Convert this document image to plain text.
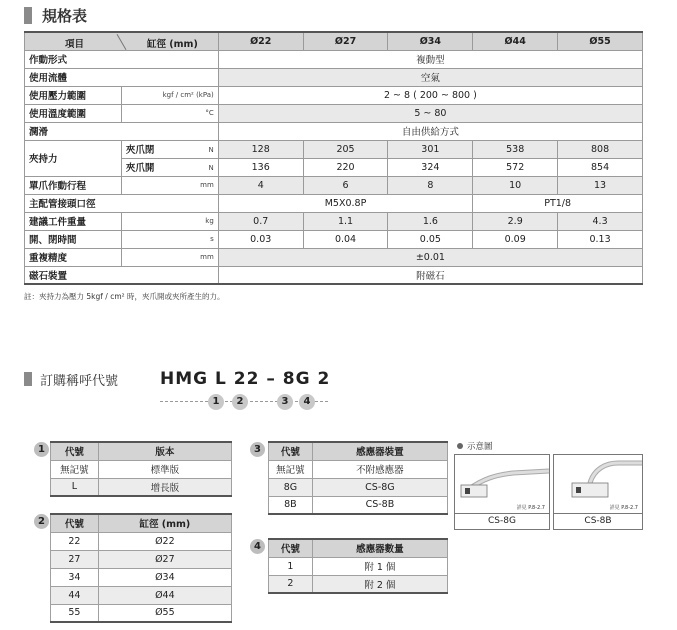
規格表
項目 缸徑 (mm)		Ø22	Ø27	Ø34	Ø44	Ø55
作動形式		複動型				
使用流體		空氣				
使用壓力範圍	kgf / cm² (kPa)	2 ~ 8 ( 200 ~ 800 )				
使用溫度範圍	°C	5 ~ 80				
潤滑		自由供給方式				
夾持力	夾爪閉 N	128	205	301	538	808
	夾爪開 N	136	220	324	572	854
單爪作動行程	mm	4	6	8	10	13
主配管接頭口徑		M5X0.8P			PT1/8	
建議工件重量	kg	0.7	1.1	1.6	2.9	4.3
開、閉時間	s	0.03	0.04	0.05	0.09	0.13
重複精度	mm	±0.01				
磁石裝置		附磁石				
註：夾持力為壓力 5kgf / cm² 時，夾爪開或夾所產生的力。
訂購稱呼代號 HMG L 22 – 8G 2
1	2	3	4
1	代號	版本
無記號	標準版
L	增長版
2	代號	缸徑 (mm)
22	Ø22
27	Ø27
34	Ø34
44	Ø44
55	Ø55
3	代號	感應器裝置
無記號	不附感應器
8G	CS-8G
8B	CS-8B
4	代號	感應器數量
1	附 1 個
2	附 2 個
示意圖
詳見 P.8-2.7
CS-8G
詳見 P.8-2.7
CS-8B
